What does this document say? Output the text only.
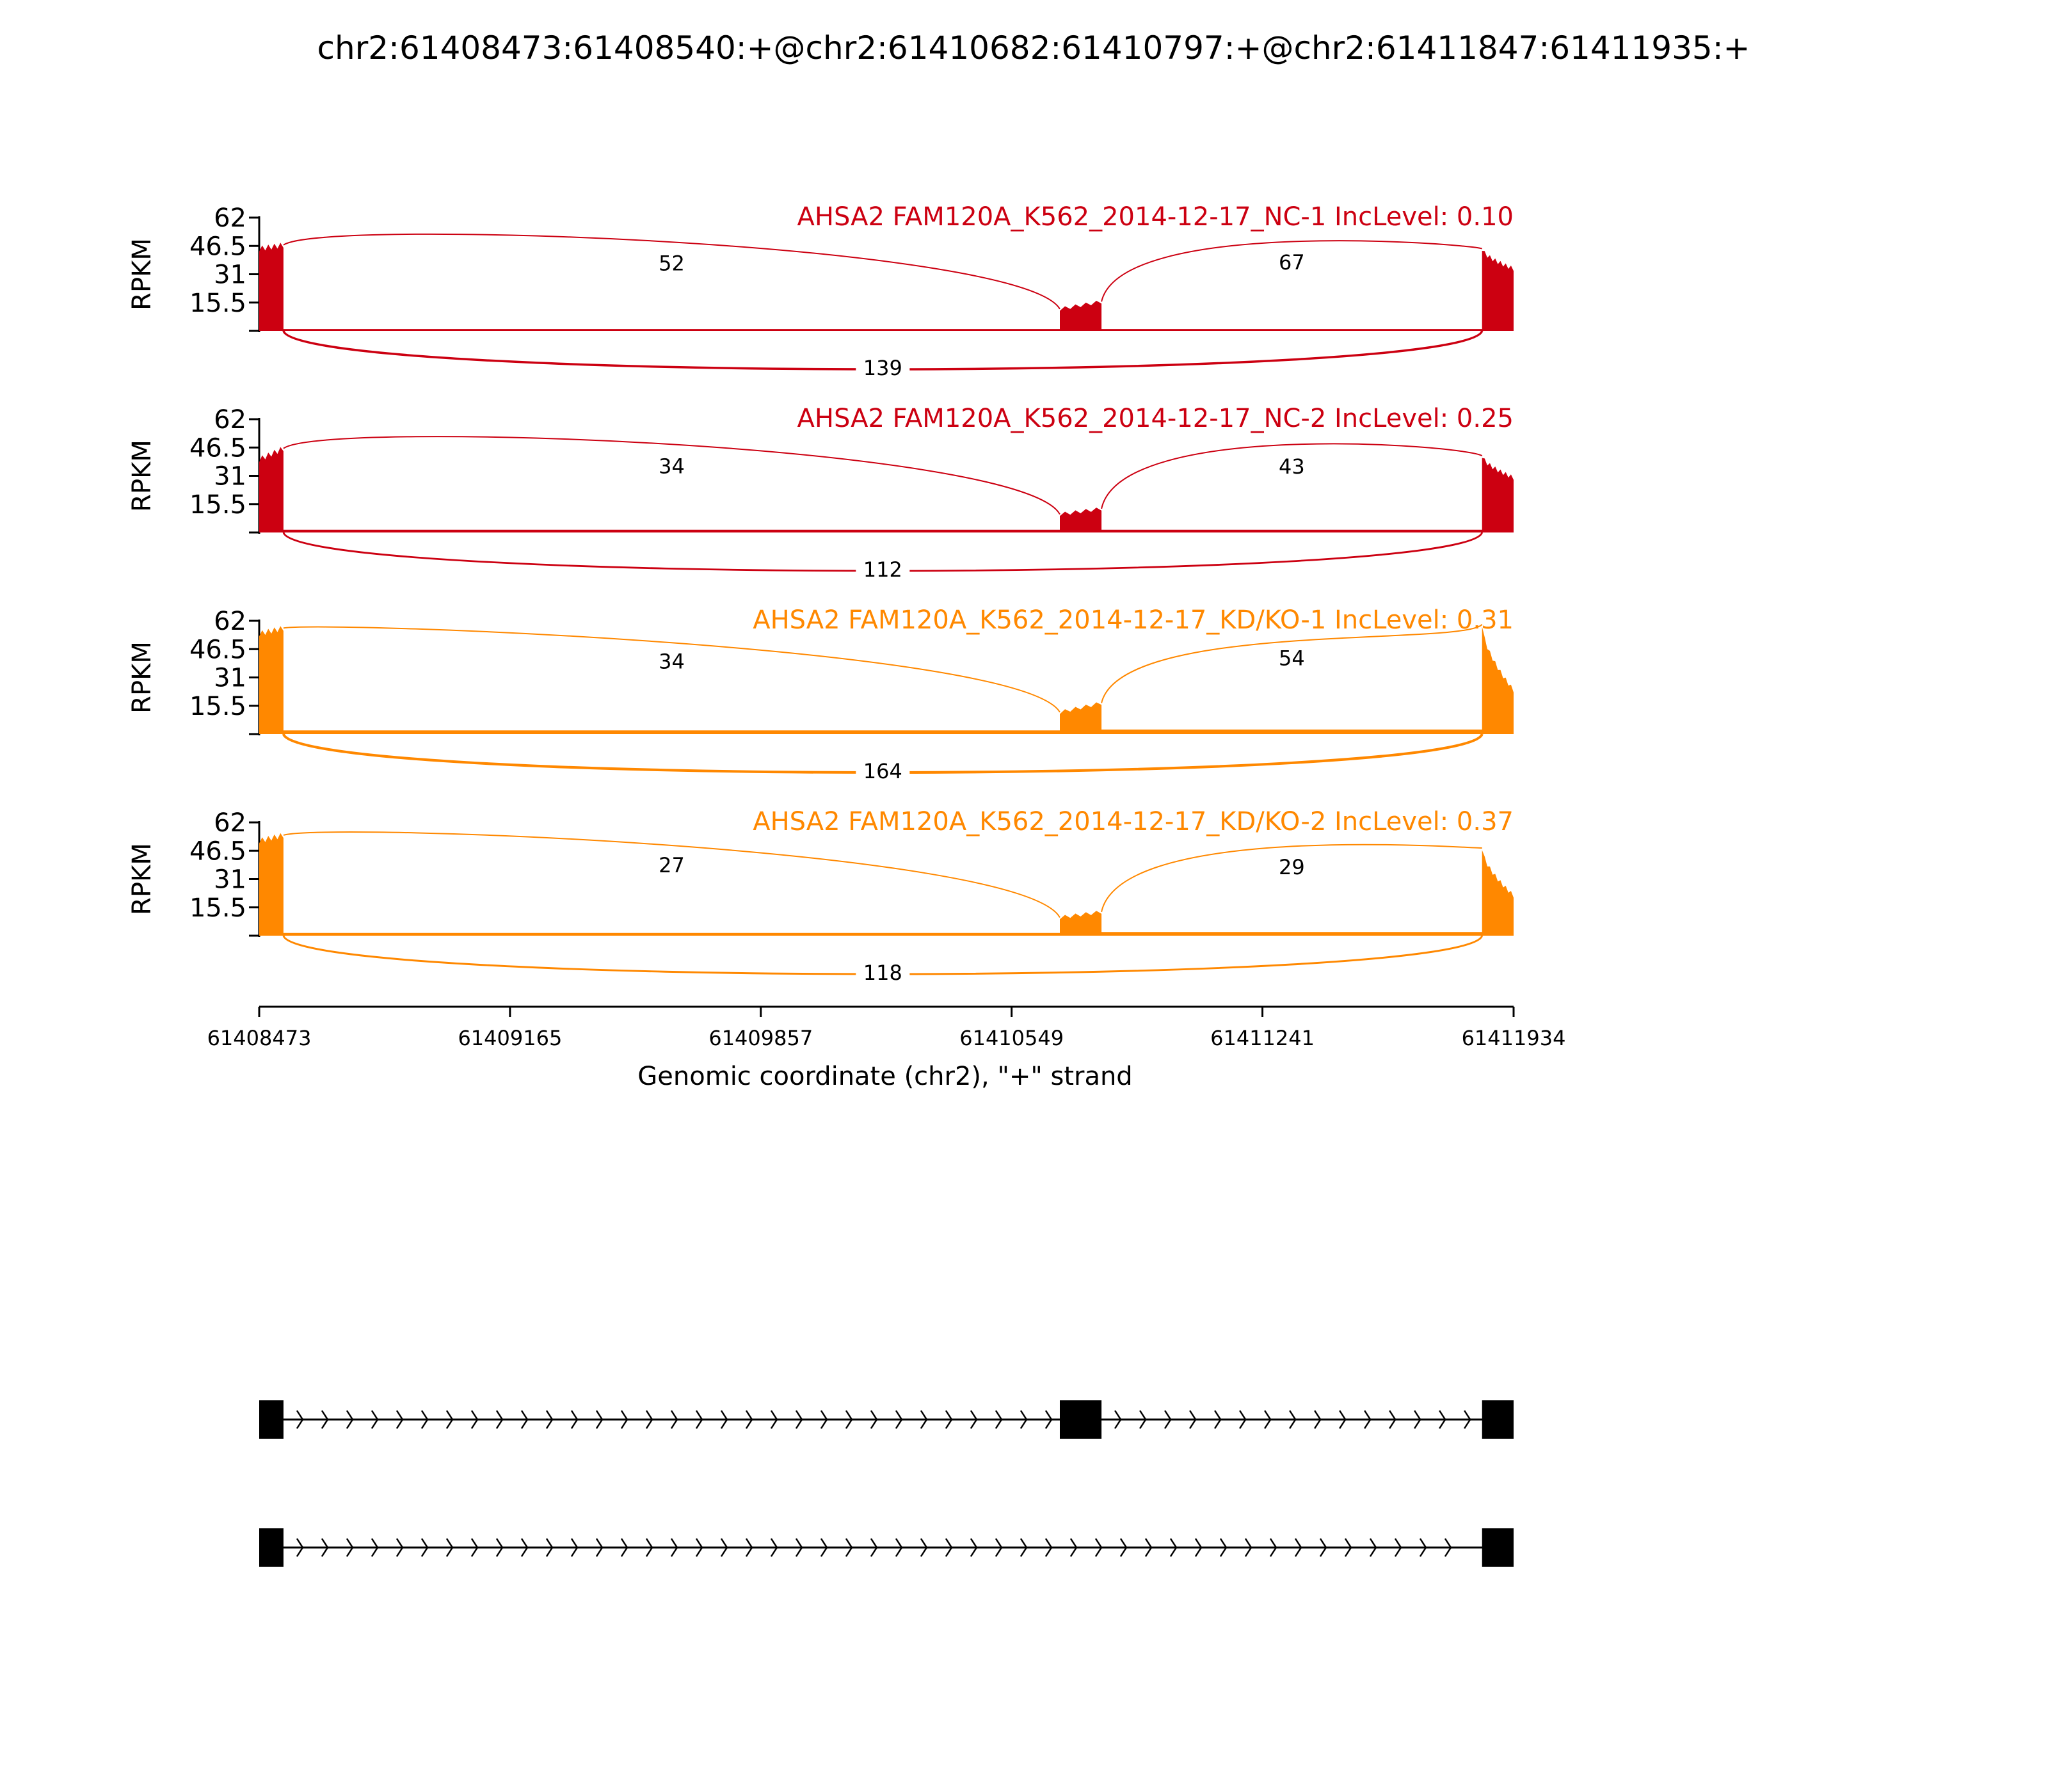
chr2:61408473:61408540:+@chr2:61410682:61410797:+@chr2:61411847:61411935:+
15.5
31
46.5
62
RPKM
AHSA2 FAM120A_K562_2014-12-17_NC-1 IncLevel: 0.10
52	67
139
15.5
31
46.5
62
RPKM
AHSA2 FAM120A_K562_2014-12-17_NC-2 IncLevel: 0.25
34	43
112
15.5
31
46.5
62
RPKM
AHSA2 FAM120A_K562_2014-12-17_KD/KO-1 IncLevel: 0.31
34	54
164
15.5
31
46.5
62
RPKM
AHSA2 FAM120A_K562_2014-12-17_KD/KO-2 IncLevel: 0.37
27	29
118
61408473	61409165	61409857	61410549	61411241	61411934
Genomic coordinate (chr2), "+" strand
